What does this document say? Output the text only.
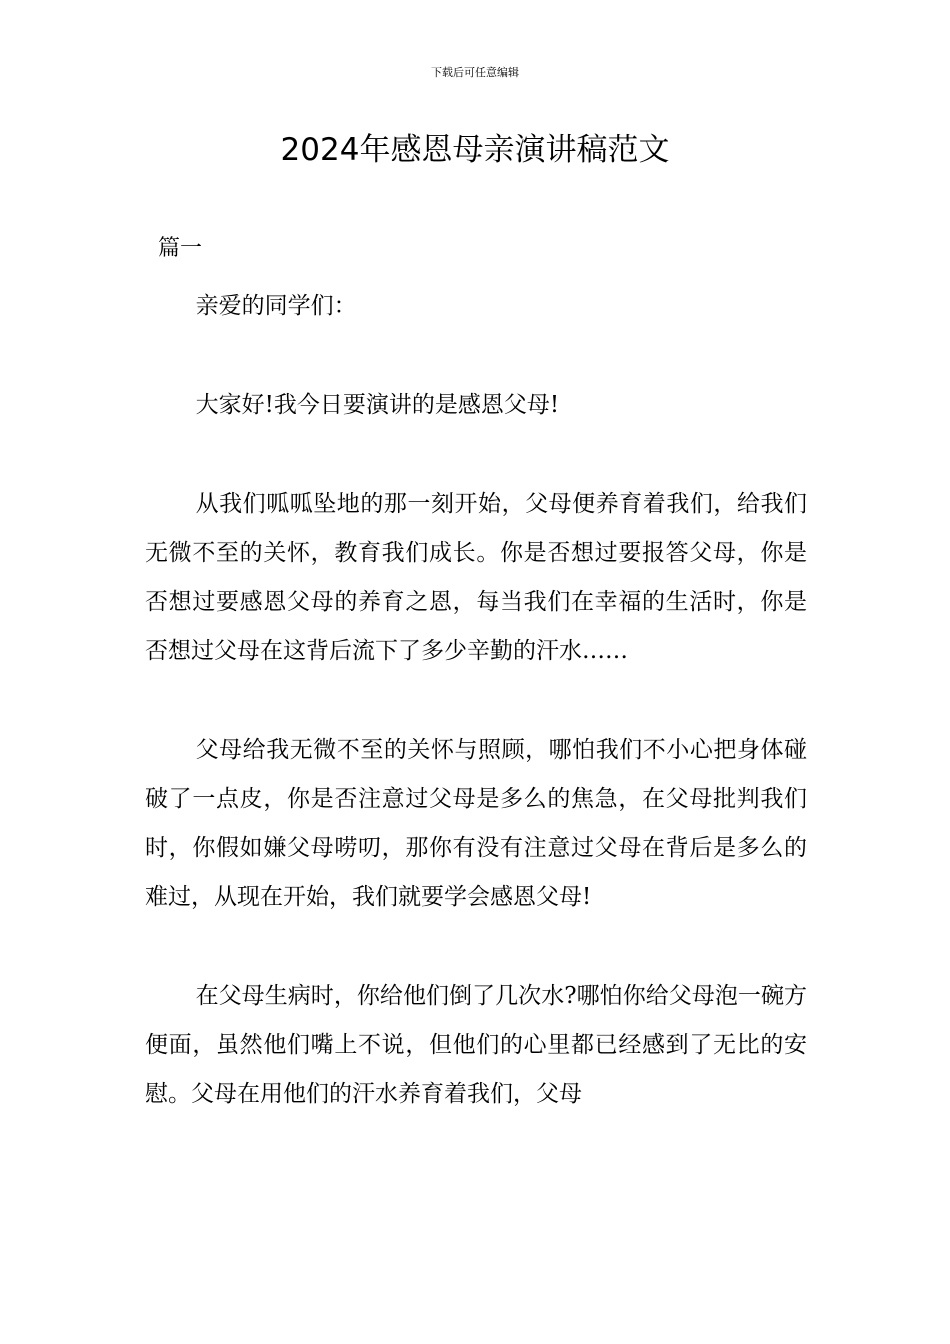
下载后可任意编辑
2024年感恩母亲演讲稿范文
篇一

亲爱的同学们：

大家好!我今日要演讲的是感恩父母!

从我们呱呱坠地的那一刻开始，父母便养育着我们，给我们无微不至的关怀，教育我们成长。你是否想过要报答父母，你是否想过要感恩父母的养育之恩，每当我们在幸福的生活时，你是否想过父母在这背后流下了多少辛勤的汗水……

父母给我无微不至的关怀与照顾，哪怕我们不小心把身体碰破了一点皮，你是否注意过父母是多么的焦急，在父母批判我们时，你假如嫌父母唠叨，那你有没有注意过父母在背后是多么的难过，从现在开始，我们就要学会感恩父母!

在父母生病时，你给他们倒了几次水?哪怕你给父母泡一碗方便面，虽然他们嘴上不说，但他们的心里都已经感到了无比的安慰。父母在用他们的汗水养育着我们，父母
